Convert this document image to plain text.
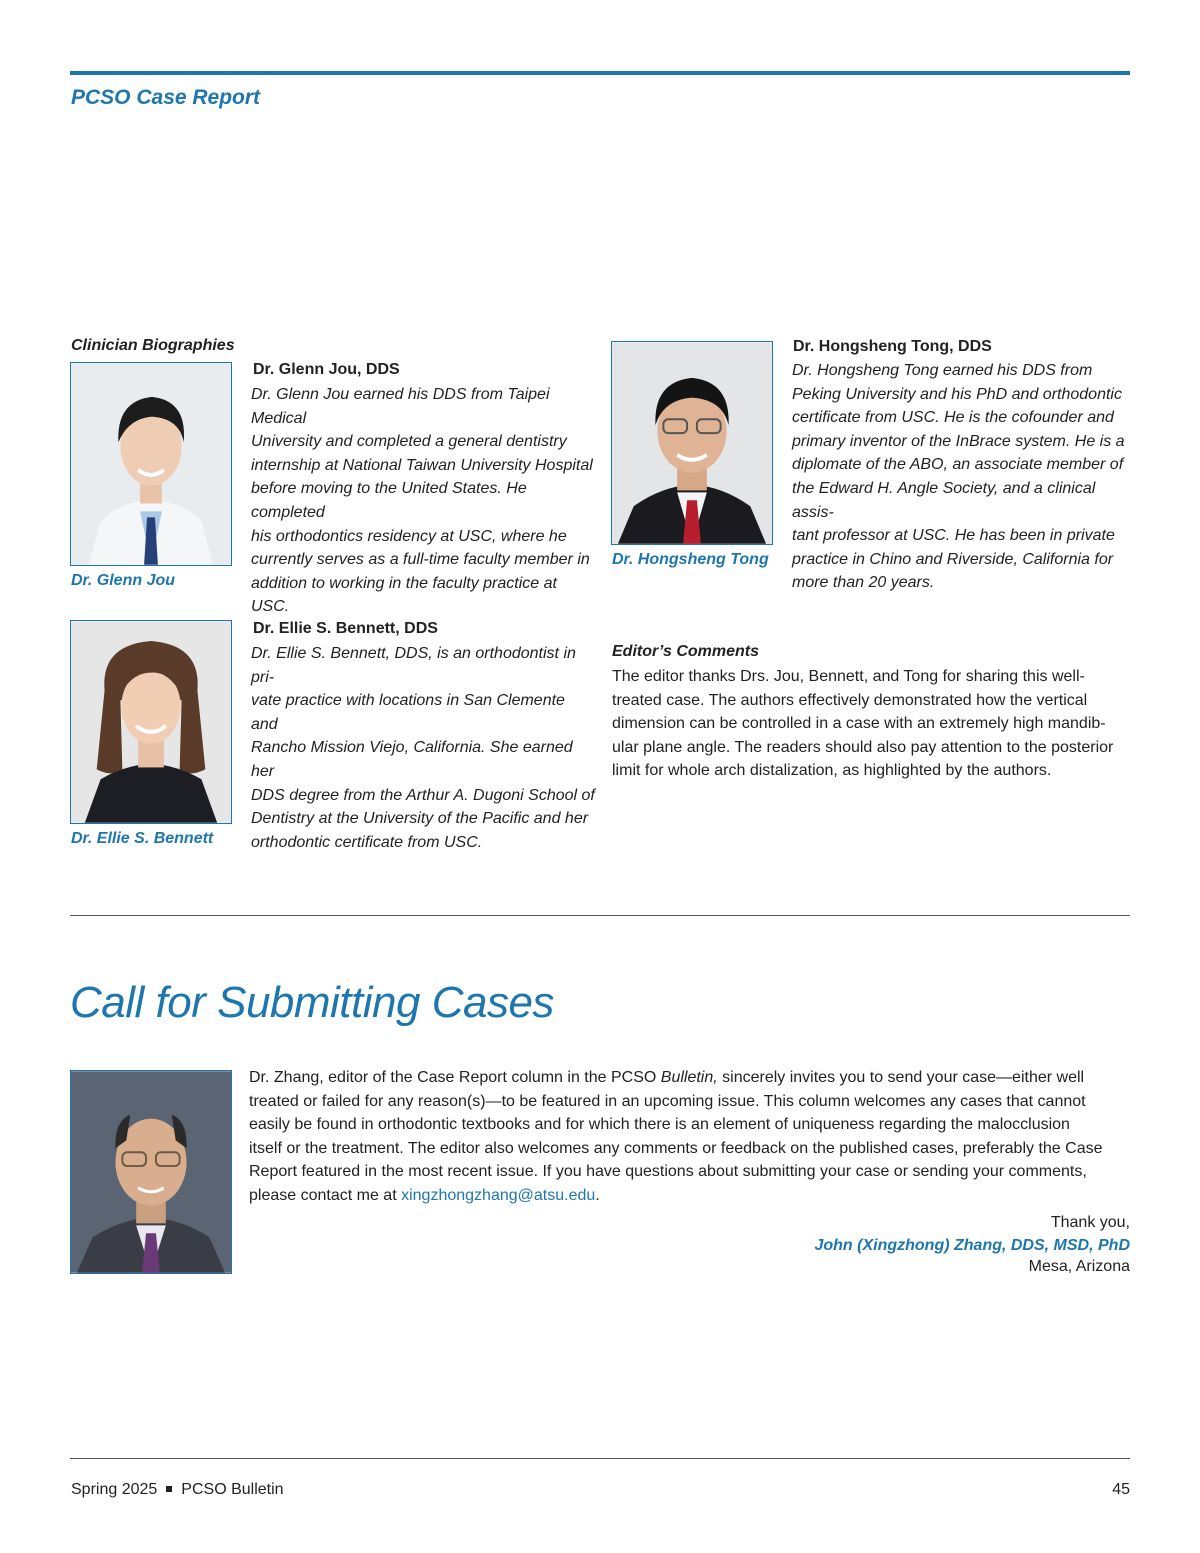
PCSO Case Report
Clinician Biographies
Dr. Glenn Jou
Dr. Glenn Jou, DDS
Dr. Glenn Jou earned his DDS from Taipei Medical
University and completed a general dentistry
internship at National Taiwan University Hospital
before moving to the United States. He completed
his orthodontics residency at USC, where he
currently serves as a full-time faculty member in
addition to working in the faculty practice at USC.
Dr. Hongsheng Tong
Dr. Hongsheng Tong, DDS
Dr. Hongsheng Tong earned his DDS from
Peking University and his PhD and orthodontic
certificate from USC. He is the cofounder and
primary inventor of the InBrace system. He is a
diplomate of the ABO, an associate member of
the Edward H. Angle Society, and a clinical assis-
tant professor at USC. He has been in private
practice in Chino and Riverside, California for
more than 20 years.
Dr. Ellie S. Bennett
Dr. Ellie S. Bennett, DDS
Dr. Ellie S. Bennett, DDS, is an orthodontist in pri-
vate practice with locations in San Clemente and
Rancho Mission Viejo, California. She earned her
DDS degree from the Arthur A. Dugoni School of
Dentistry at the University of the Pacific and her
orthodontic certificate from USC.
Editor’s Comments
The editor thanks Drs. Jou, Bennett, and Tong for sharing this well-
treated case. The authors effectively demonstrated how the vertical
dimension can be controlled in a case with an extremely high mandib-
ular plane angle. The readers should also pay attention to the posterior
limit for whole arch distalization, as highlighted by the authors.
Call for Submitting Cases
Dr. Zhang, editor of the Case Report column in the PCSO Bulletin, sincerely invites you to send your case—either well
treated or failed for any reason(s)—to be featured in an upcoming issue. This column welcomes any cases that cannot
easily be found in orthodontic textbooks and for which there is an element of uniqueness regarding the malocclusion
itself or the treatment. The editor also welcomes any comments or feedback on the published cases, preferably the Case
Report featured in the most recent issue. If you have questions about submitting your case or sending your comments,
please contact me at xingzhongzhang@atsu.edu.
Thank you,
John (Xingzhong) Zhang, DDS, MSD, PhD
Mesa, Arizona
Spring 2025 PCSO Bulletin	45
